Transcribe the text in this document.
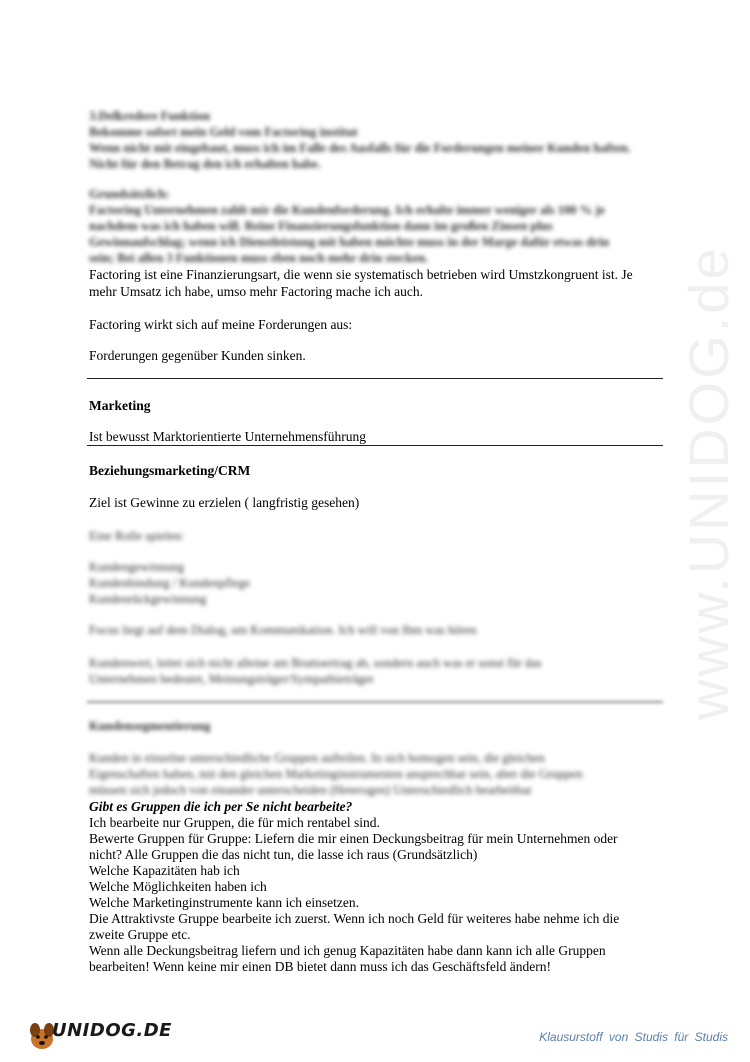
www.UNIDOG.de
3.Delkredere Funktion
Bekomme sofort mein Geld vom Factoring institut
Wenn nicht mit eingebaut, muss ich im Falle des Ausfalls für die Forderungen meiner Kunden haften.
Nicht für den Betrag den ich erhalten habe.
Grundsätzlich:
Factoring Unternehmen zahlt mir die Kundenforderung. Ich erhalte immer weniger als 100 % je
nachdem was ich haben will. Reine Finanzierungsfunktion dann im großen Zinsen plus
Gewinnaufschlag; wenn ich Dienstleistung mit haben möchte muss in der Marge dafür etwas drin
sein; Bei allen 3 Funktionen muss eben noch mehr drin stecken.
Factoring ist eine Finanzierungsart, die wenn sie systematisch betrieben wird Umstzkongruent ist. Je
mehr Umsatz ich habe, umso mehr Factoring mache ich auch.
Factoring wirkt sich auf meine Forderungen aus:
Forderungen gegenüber Kunden sinken.
Marketing
Ist bewusst Marktorientierte Unternehmensführung
Beziehungsmarketing/CRM
Ziel ist Gewinne zu erzielen ( langfristig gesehen)
Eine Rolle spielen:
Kundengewinnung
Kundenbindung / Kundenpflege
Kundenrückgewinnung
Focus liegt auf dem Dialog, um Kommunikation. Ich will von Ihm was hören
Kundenwert, leitet sich nicht alleine am Bruttoertrag ab, sondern auch was er sonst für das
Unternehmen bedeutet, Meinungsträger/Sympathieträger
Kundensegmentierung
Kunden in einzelne unterschiedliche Gruppen aufteilen. In sich homogen sein, die gleichen
Eigenschaften haben, mit den gleichen Marketinginstrumenten ansprechbar sein, aber die Gruppen
müssen sich jedoch von einander unterscheiden (Heterogen) Unterschiedlich bearbeitbar
Gibt es Gruppen die ich per Se nicht bearbeite?
Ich bearbeite nur Gruppen, die für mich rentabel sind.
Bewerte Gruppen für Gruppe: Liefern die mir einen Deckungsbeitrag für mein Unternehmen oder
nicht? Alle Gruppen die das nicht tun, die lasse ich raus (Grundsätzlich)
Welche Kapazitäten hab ich
Welche Möglichkeiten haben ich
Welche Marketinginstrumente kann ich einsetzen.
Die Attraktivste Gruppe bearbeite ich zuerst. Wenn ich noch Geld für weiteres habe nehme ich die
zweite Gruppe etc.
Wenn alle Deckungsbeitrag liefern und ich genug Kapazitäten habe dann kann ich alle Gruppen
bearbeiten! Wenn keine mir einen DB bietet dann muss ich das Geschäftsfeld ändern!
UNIDOG.DE	Klausurstoff von Studis für Studis
